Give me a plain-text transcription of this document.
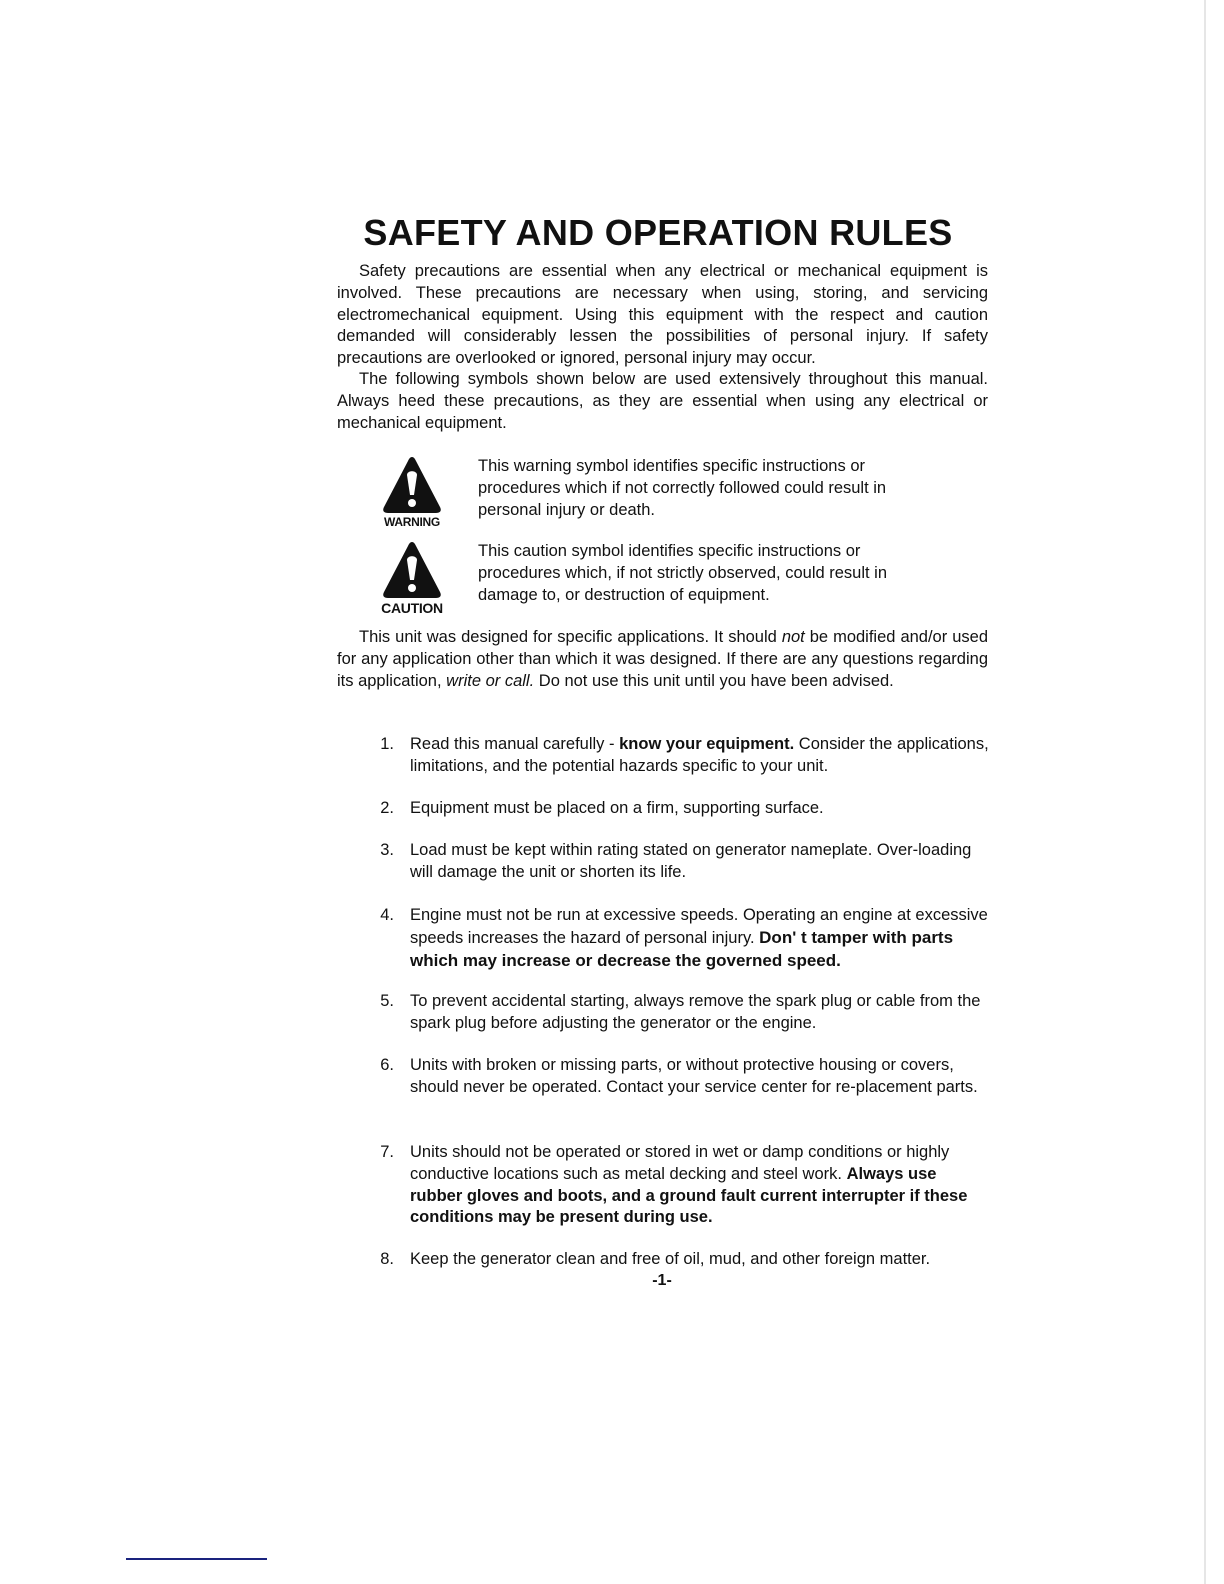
SAFETY AND OPERATION RULES
Safety precautions are essential when any electrical or mechanical equipment is involved. These precautions are necessary when using, storing, and servicing electromechanical equipment. Using this equipment with the respect and caution demanded will considerably lessen the possibilities of personal injury. If safety precautions are overlooked or ignored, personal injury may occur.
The following symbols shown below are used extensively throughout this manual. Always heed these precautions, as they are essential when using any electrical or mechanical equipment.
WARNING
This warning symbol identifies specific instructions or procedures which if not correctly followed could result in personal injury or death.
CAUTION
This caution symbol identifies specific instructions or procedures which, if not strictly observed, could result in damage to, or destruction of equipment.
This unit was designed for specific applications. It should not be modified and/or used for any application other than which it was designed. If there are any questions regarding its application, write or call. Do not use this unit until you have been advised.
1. Read this manual carefully - know your equipment. Consider the applications, limitations, and the potential hazards specific to your unit.
2. Equipment must be placed on a firm, supporting surface.
3. Load must be kept within rating stated on generator nameplate. Over-loading will damage the unit or shorten its life.
4. Engine must not be run at excessive speeds. Operating an engine at excessive speeds increases the hazard of personal injury. Don' t tamper with parts which may increase or decrease the governed speed.
5. To prevent accidental starting, always remove the spark plug or cable from the spark plug before adjusting the generator or the engine.
6. Units with broken or missing parts, or without protective housing or covers, should never be operated. Contact your service center for re-placement parts.
7. Units should not be operated or stored in wet or damp conditions or highly conductive locations such as metal decking and steel work. Always use rubber gloves and boots, and a ground fault current interrupter if these conditions may be present during use.
8. Keep the generator clean and free of oil, mud, and other foreign matter.
-1-
